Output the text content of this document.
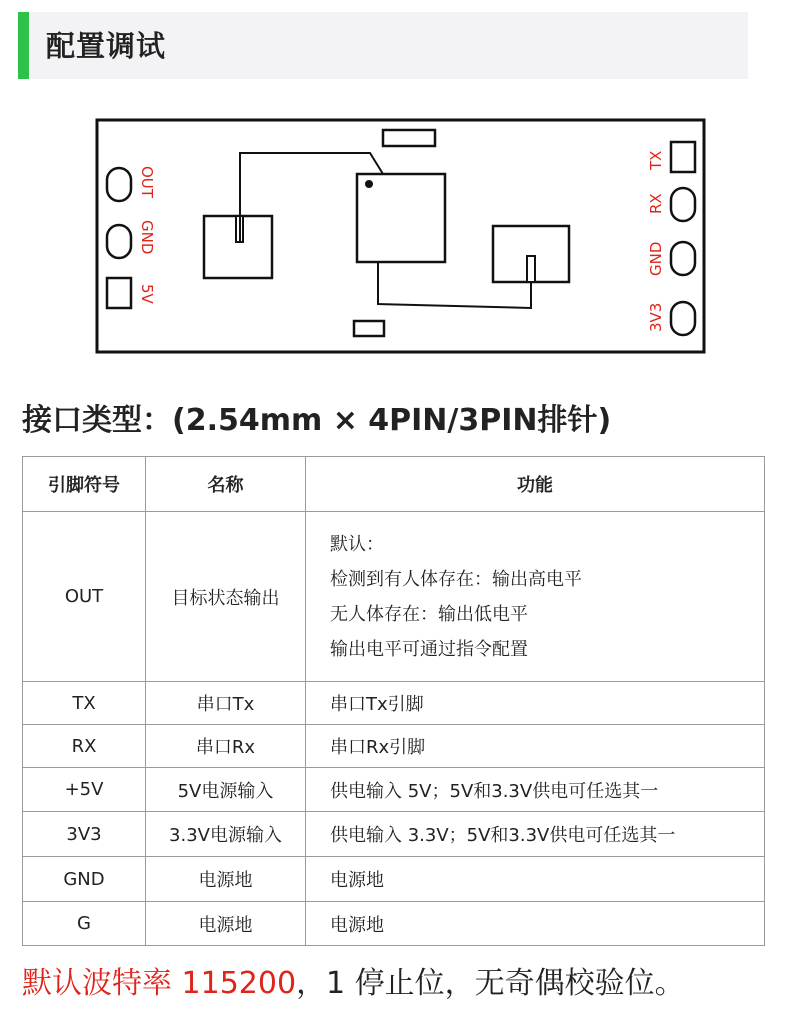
配置调试
OUT
GND
5V
TX
RX
GND
3V3
接口类型：(2.54mm × 4PIN/3PIN排针)
引脚符号	名称	功能
OUT	目标状态输出	默认：
检测到有人体存在：输出高电平
无人体存在：输出低电平
输出电平可通过指令配置

TX	串口Tx	串口Tx引脚
RX	串口Rx	串口Rx引脚
+5V	5V电源输入	供电输入 5V；5V和3.3V供电可任选其一
3V3	3.3V电源输入	供电输入 3.3V；5V和3.3V供电可任选其一
GND	电源地	电源地
G	电源地	电源地
默认波特率 115200，1 停止位，无奇偶校验位。
